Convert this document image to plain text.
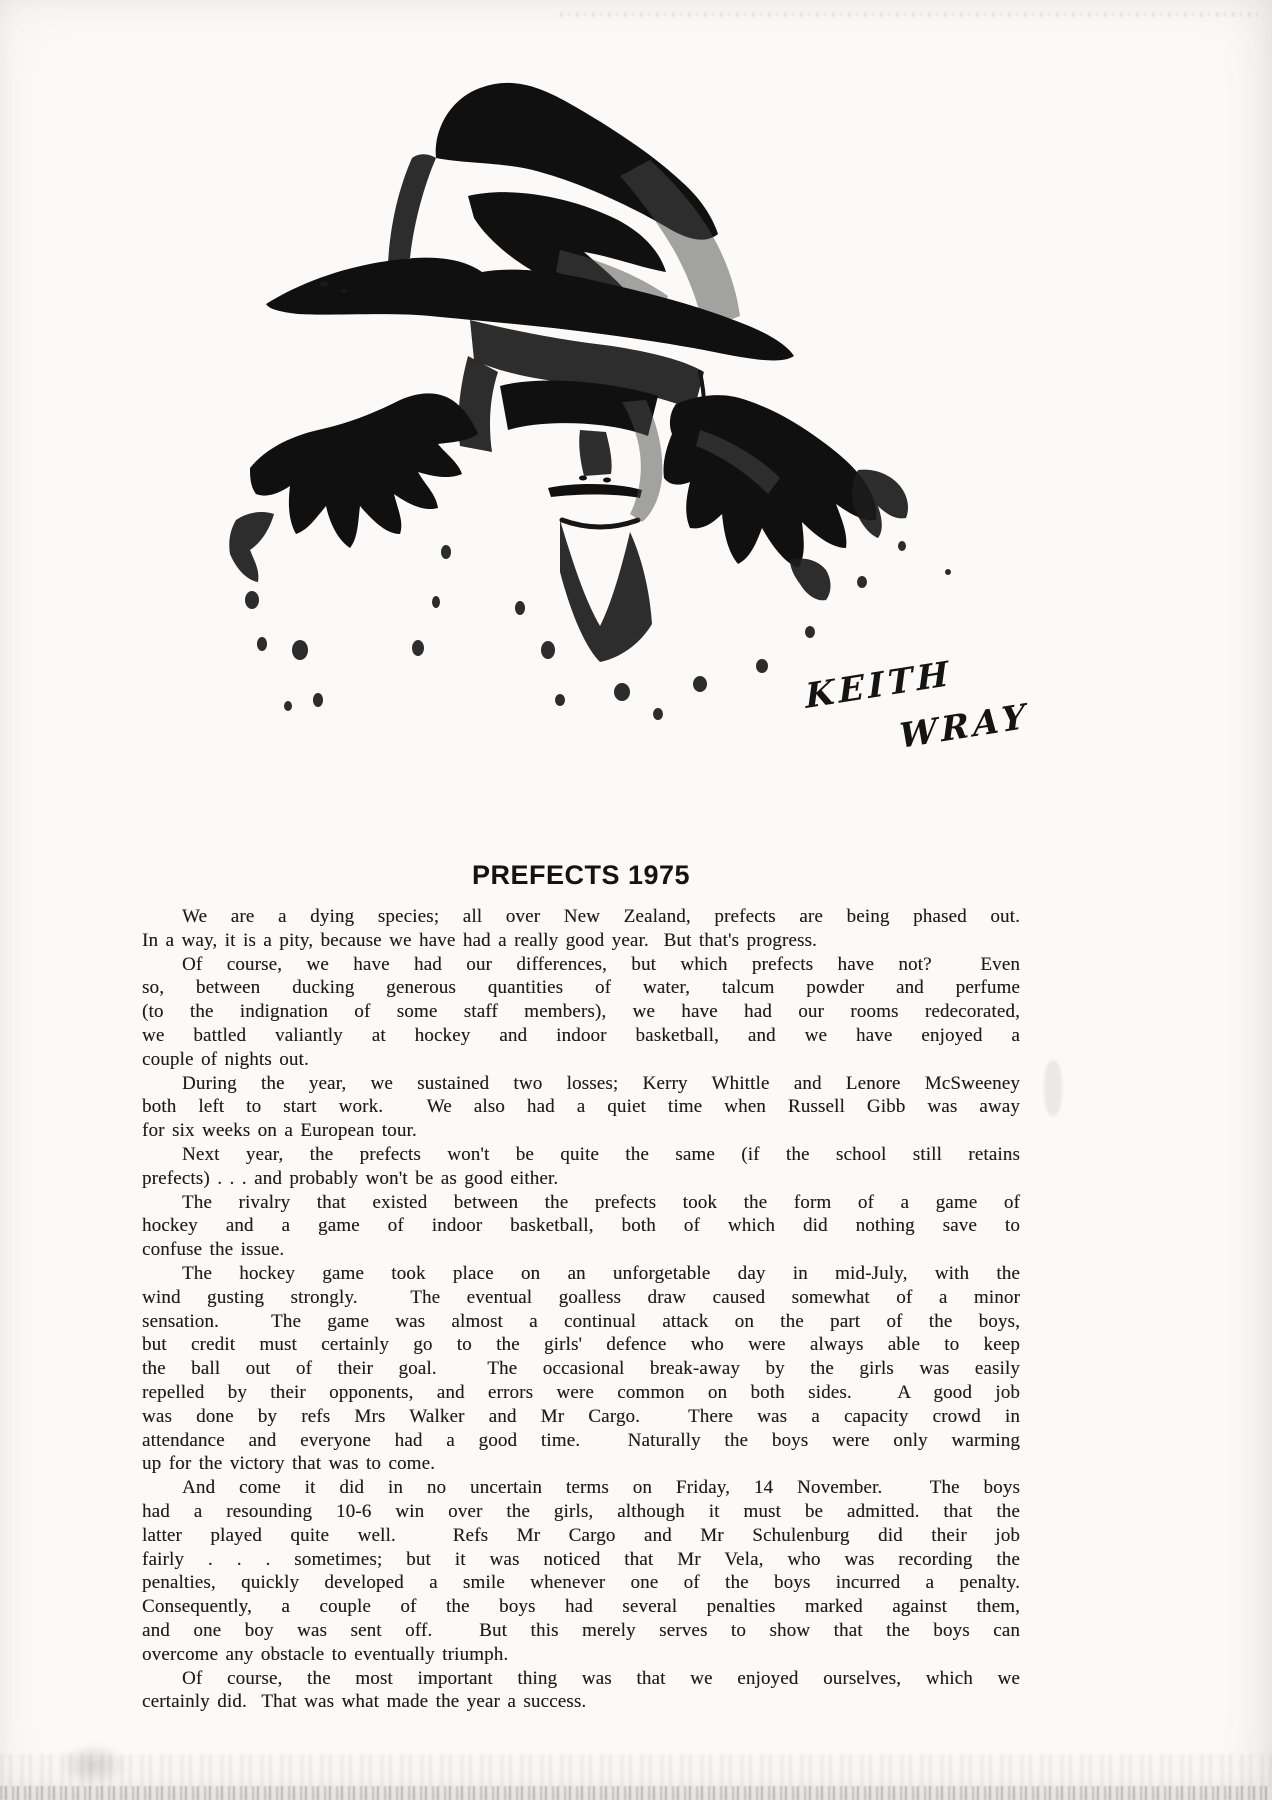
KEITH
WRAY
PREFECTS 1975
We are a dying species; all over New Zealand, prefects are being phased out.
In a way, it is a pity, because we have had a really good year.  But that's progress.
Of course, we have had our differences, but which prefects have not?  Even
so, between ducking generous quantities of water, talcum powder and perfume
(to the indignation of some staff members), we have had our rooms redecorated,
we battled valiantly at hockey and indoor basketball, and we have enjoyed a
couple of nights out.
During the year, we sustained two losses; Kerry Whittle and Lenore McSweeney
both left to start work.  We also had a quiet time when Russell Gibb was away
for six weeks on a European tour.
Next year, the prefects won't be quite the same (if the school still retains
prefects) . . . and probably won't be as good either.
The rivalry that existed between the prefects took the form of a game of
hockey and a game of indoor basketball, both of which did nothing save to
confuse the issue.
The hockey game took place on an unforgetable day in mid-July, with the
wind gusting strongly.  The eventual goalless draw caused somewhat of a minor
sensation.  The game was almost a continual attack on the part of the boys,
but credit must certainly go to the girls' defence who were always able to keep
the ball out of their goal.  The occasional break-away by the girls was easily
repelled by their opponents, and errors were common on both sides.  A good job
was done by refs Mrs Walker and Mr Cargo.  There was a capacity crowd in
attendance and everyone had a good time.  Naturally the boys were only warming
up for the victory that was to come.
And come it did in no uncertain terms on Friday, 14 November.  The boys
had a resounding 10-6 win over the girls, although it must be admitted. that the
latter played quite well.  Refs Mr Cargo and Mr Schulenburg did their job
fairly . . . sometimes; but it was noticed that Mr Vela, who was recording the
penalties, quickly developed a smile whenever one of the boys incurred a penalty.
Consequently, a couple of the boys had several penalties marked against them,
and one boy was sent off.  But this merely serves to show that the boys can
overcome any obstacle to eventually triumph.
Of course, the most important thing was that we enjoyed ourselves, which we
certainly did.  That was what made the year a success.
